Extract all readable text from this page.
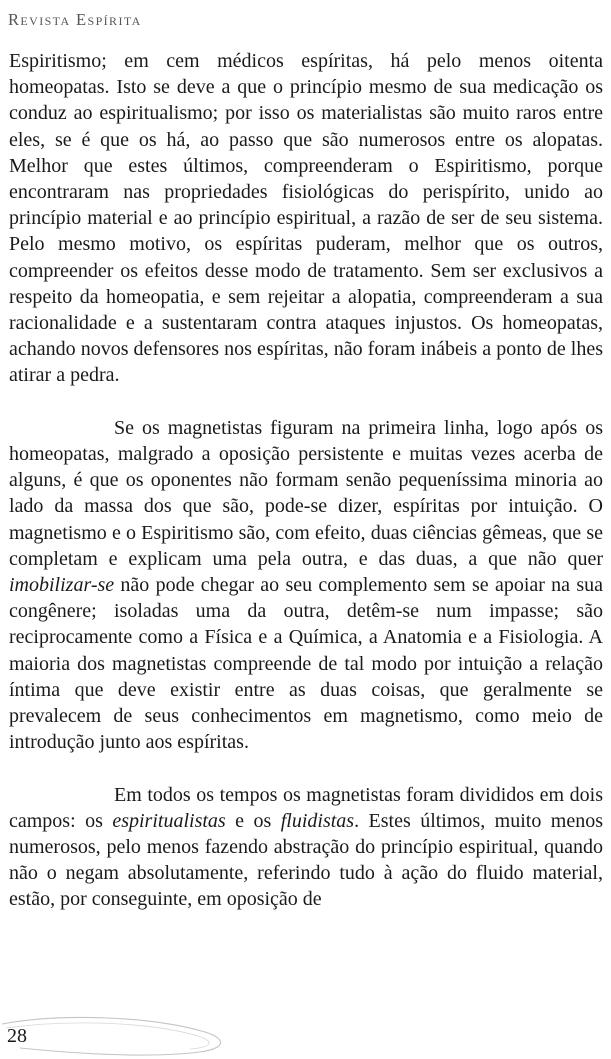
Revista Espírita

Espiritismo; em cem médicos espíritas, há pelo menos oitenta homeopatas. Isto se deve a que o princípio mesmo de sua medicação os conduz ao espiritualismo; por isso os materialistas são muito raros entre eles, se é que os há, ao passo que são numerosos entre os alopatas. Melhor que estes últimos, compreenderam o Espiritismo, porque encontraram nas propriedades fisiológicas do perispírito, unido ao princípio material e ao princípio espiritual, a razão de ser de seu sistema. Pelo mesmo motivo, os espíritas puderam, melhor que os outros, compreender os efeitos desse modo de tratamento. Sem ser exclusivos a respeito da homeopatia, e sem rejeitar a alopatia, compreenderam a sua racionalidade e a sustentaram contra ataques injustos. Os homeopatas, achando novos defensores nos espíritas, não foram inábeis a ponto de lhes atirar a pedra.

Se os magnetistas figuram na primeira linha, logo após os homeopatas, malgrado a oposição persistente e muitas vezes acerba de alguns, é que os oponentes não formam senão pequeníssima minoria ao lado da massa dos que são, pode-se dizer, espíritas por intuição. O magnetismo e o Espiritismo são, com efeito, duas ciências gêmeas, que se completam e explicam uma pela outra, e das duas, a que não quer imobilizar-se não pode chegar ao seu complemento sem se apoiar na sua congênere; isoladas uma da outra, detêm-se num impasse; são reciprocamente como a Física e a Química, a Anatomia e a Fisiologia. A maioria dos magnetistas compreende de tal modo por intuição a relação íntima que deve existir entre as duas coisas, que geralmente se prevalecem de seus conhecimentos em magnetismo, como meio de introdução junto aos espíritas.

Em todos os tempos os magnetistas foram divididos em dois campos: os espiritualistas e os fluidistas. Estes últimos, muito menos numerosos, pelo menos fazendo abstração do princípio espiritual, quando não o negam absolutamente, referindo tudo à ação do fluido material, estão, por conseguinte, em oposição de

28
